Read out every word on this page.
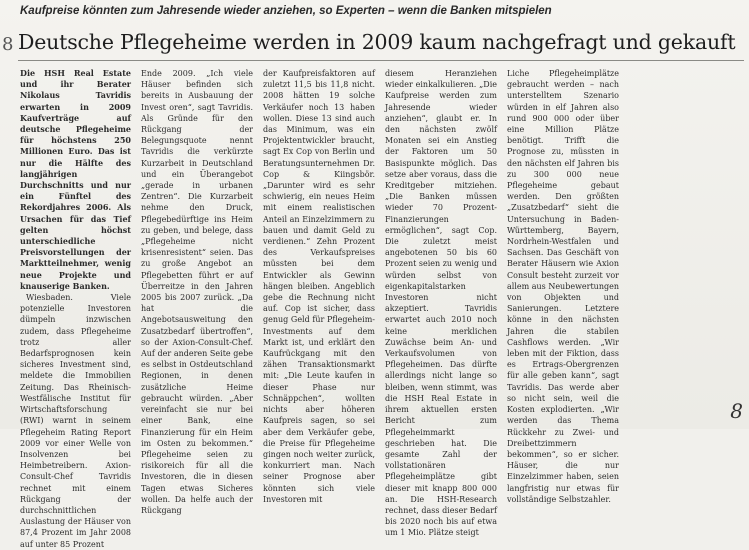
Kaufpreise könnten zum Jahresende wieder anziehen, so Experten – wenn die Banken mitspielen
8 Deutsche Pflegeheime werden in 2009 kaum nachgefragt und gekauft

Die HSH Real Estate und ihr Berater Nikolaus Tavridis erwarten in 2009 Kaufverträge auf deutsche Pflegeheime für höchstens 250 Millionen Euro. Das ist nur die Hälfte des langjährigen Durchschnitts und nur ein Fünftel des Rekordjahres 2006. Als Ursachen für das Tief gelten höchst unterschiedliche Preisvorstellungen der Marktteilnehmer, wenig neue Projekte und knauserige Banken.

Wiesbaden. Viele potenzielle Investoren dümpeln inzwischen zudem, dass Pflegeheime trotz aller Bedarfsprognosen kein sicheres Investment sind, meldete die Immobilien Zeitung. Das Rheinisch-Westfälische Institut für Wirtschaftsforschung (RWI) warnt in seinem Pflegeheim Rating Report 2009 vor einer Welle von Insolvenzen bei Heimbetreibern. Axion-Consult-Chef Tavridis rechnet mit einem Rückgang der durchschnittlichen Auslastung der Häuser von 87,4 Prozent im Jahr 2008 auf unter 85 Prozent

Ende 2009. „Ich viele Häuser befinden sich bereits in Ausbauung der Invest oren“, sagt Tavridis. Als Gründe für den Rückgang der Belegungsquote nennt Tavridis die verkürzte Kurzarbeit in Deutschland und ein Überangebot „gerade in urbanen Zentren“. Die Kurzarbeit nehme den Druck, Pflegebedürftige ins Heim zu geben, und belege, dass „Pflegeheime nicht krisenresistent“ seien. Das zu große Angebot an Pflegebetten führt er auf Überreitze in den Jahren 2005 bis 2007 zurück. „Da hat die Angebotsausweitung den Zusatzbedarf übertroffen“, so der Axion-Consult-Chef. Auf der anderen Seite gebe es selbst in Ostdeutschland Regionen, in denen zusätzliche Heime gebraucht würden. „Aber vereinfacht sie nur bei einer Bank, eine Finanzierung für ein Heim im Osten zu bekommen.“ Pflegeheime seien zu risikoreich für all die Investoren, die in diesen Tagen etwas Sicheres wollen. Da helfe auch der Rückgang

der Kaufpreisfaktoren auf zuletzt 11,5 bis 11,8 nicht. 2008 hätten 19 solche Verkäufer noch 13 haben wollen. Diese 13 sind auch das Minimum, was ein Projektentwickler braucht, sagt Ex Cop von Berlin und Beratungsunternehmen Dr. Cop & Kiingsbör. „Darunter wird es sehr schwierig, ein neues Heim mit einem realistischen Anteil an Einzelzimmern zu bauen und damit Geld zu verdienen.“ Zehn Prozent des Verkaufspreises müssten bei dem Entwickler als Gewinn hängen bleiben. Angeblich gebe die Rechnung nicht auf. Cop ist sicher, dass genug Geld für Pflegeheim-Investments auf dem Markt ist, und erklärt den Kaufrückgang mit den zähen Transaktionsmarkt mit: „Die Leute kaufen in dieser Phase nur Schnäppchen“, wollten nichts aber höheren Kaufpreis sagen, so sei aber dem Verkäufer gebe, die Preise für Pflegeheime gingen noch weiter zurück, konkurriert man. Nach seiner Prognose aber könnten sich viele Investoren mit

diesem Heranziehen wieder einkalkulieren. „Die Kaufpreise werden zum Jahresende wieder anziehen“, glaubt er. In den nächsten zwölf Monaten sei ein Anstieg der Faktoren um 50 Basispunkte möglich. Das setze aber voraus, dass die Kreditgeber mitziehen. „Die Banken müssen wieder 70 Prozent-Finanzierungen ermöglichen“, sagt Cop. Die zuletzt meist angebotenen 50 bis 60 Prozent seien zu wenig und würden selbst von eigenkapitalstarken Investoren nicht akzeptiert. Tavridis erwartet auch 2010 noch keine merklichen Zuwächse beim An- und Verkaufsvolumen von Pflegeheimen. Das dürfte allerdings nicht lange so bleiben, wenn stimmt, was die HSH Real Estate in ihrem aktuellen ersten Bericht zum Pflegeheimmarkt geschrieben hat. Die gesamte Zahl der vollstationären Pflegeheimplätze gibt dieser mit knapp 800 000 an. Die HSH-Research rechnet, dass dieser Bedarf bis 2020 noch bis auf etwa um 1 Mio. Plätze steigt

Liche Pflegeheimplätze gebraucht werden – nach unterstelltem Szenario würden in elf Jahren also rund 900 000 oder über eine Million Plätze benötigt. Trifft die Prognose zu, müssten in den nächsten elf Jahren bis zu 300 000 neue Pflegeheime gebaut werden. Den größten „Zusatzbedarf“ sieht die Untersuchung in Baden-Württemberg, Bayern, Nordrhein-Westfalen und Sachsen. Das Geschäft von Berater Häusern wie Axion Consult besteht zurzeit vor allem aus Neubewertungen von Objekten und Sanierungen. Letztere könne in den nächsten Jahren die stabilen Cashflows werden. „Wir leben mit der Fiktion, dass es Ertrags-Obergrenzen für alle geben kann“, sagt Tavridis. Das werde aber so nicht sein, weil die Kosten explodierten. „Wir werden das Thema Rückkehr zu Zwei- und Dreibettzimmern bekommen“, so er sicher. Häuser, die nur Einzelzimmer haben, seien langfristig nur etwas für vollständige Selbstzahler.

8
